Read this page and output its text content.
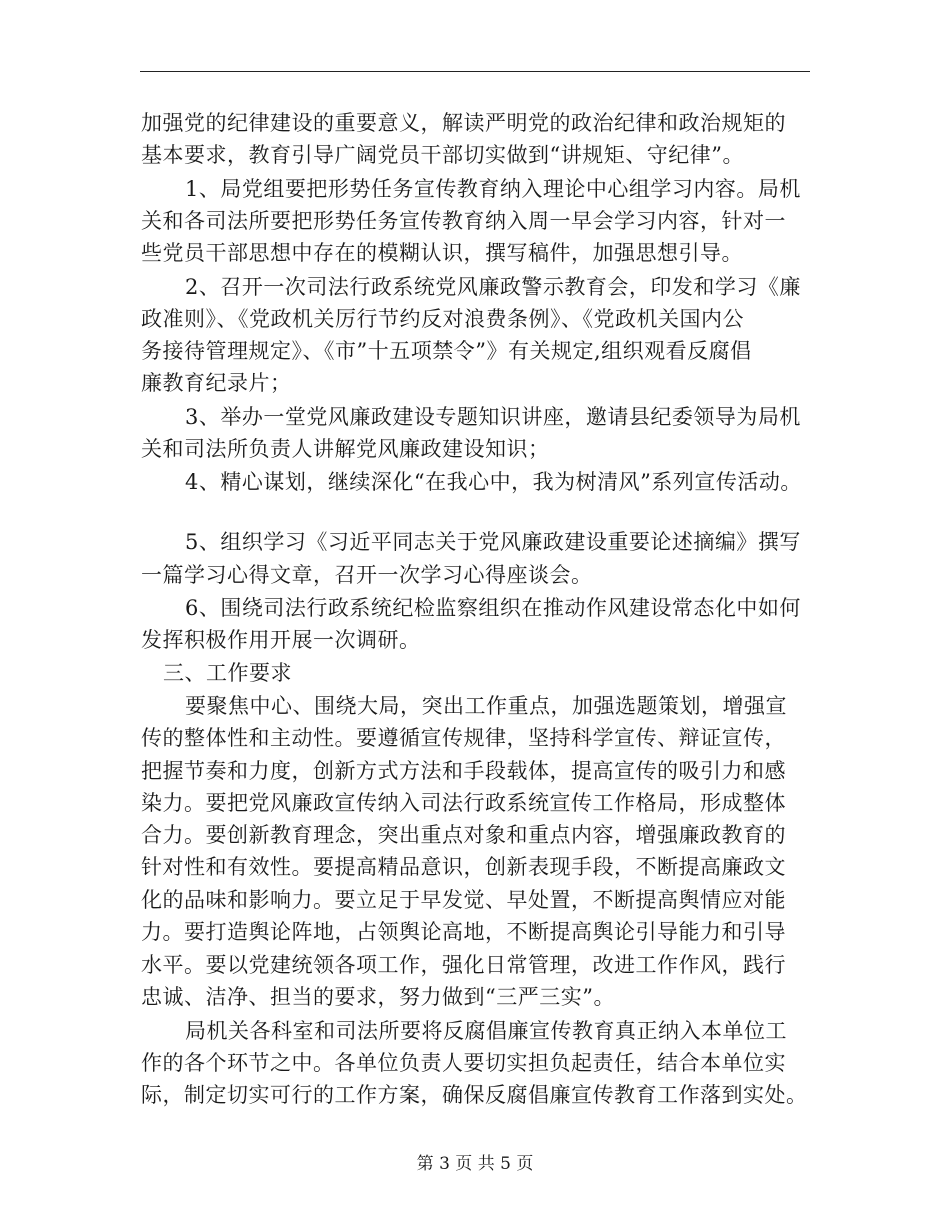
加强党的纪律建设的重要意义，解读严明党的政治纪律和政治规矩的
基本要求，教育引导广阔党员干部切实做到“讲规矩、守纪律”。
1、局党组要把形势任务宣传教育纳入理论中心组学习内容。局机
关和各司法所要把形势任务宣传教育纳入周一早会学习内容，针对一
些党员干部思想中存在的模糊认识，撰写稿件，加强思想引导。
2、召开一次司法行政系统党风廉政警示教育会，印发和学习《廉
政准则》、《党政机关厉行节约反对浪费条例》、《党政机关国内公
务接待管理规定》、《市”十五项禁令”》有关规定,组织观看反腐倡
廉教育纪录片；
3、举办一堂党风廉政建设专题知识讲座，邀请县纪委领导为局机
关和司法所负责人讲解党风廉政建设知识；
4、精心谋划，继续深化“在我心中，我为树清风”系列宣传活动。
5、组织学习《习近平同志关于党风廉政建设重要论述摘编》撰写
一篇学习心得文章，召开一次学习心得座谈会。
6、围绕司法行政系统纪检监察组织在推动作风建设常态化中如何
发挥积极作用开展一次调研。
三、工作要求
要聚焦中心、围绕大局，突出工作重点，加强选题策划，增强宣
传的整体性和主动性。要遵循宣传规律，坚持科学宣传、辩证宣传，
把握节奏和力度，创新方式方法和手段载体，提高宣传的吸引力和感
染力。要把党风廉政宣传纳入司法行政系统宣传工作格局，形成整体
合力。要创新教育理念，突出重点对象和重点内容，增强廉政教育的
针对性和有效性。要提高精品意识，创新表现手段，不断提高廉政文
化的品味和影响力。要立足于早发觉、早处置，不断提高舆情应对能
力。要打造舆论阵地，占领舆论高地，不断提高舆论引导能力和引导
水平。要以党建统领各项工作，强化日常管理，改进工作作风，践行
忠诚、洁净、担当的要求，努力做到“三严三实”。
局机关各科室和司法所要将反腐倡廉宣传教育真正纳入本单位工
作的各个环节之中。各单位负责人要切实担负起责任，结合本单位实
际，制定切实可行的工作方案，确保反腐倡廉宣传教育工作落到实处。
第 3 页 共 5 页
